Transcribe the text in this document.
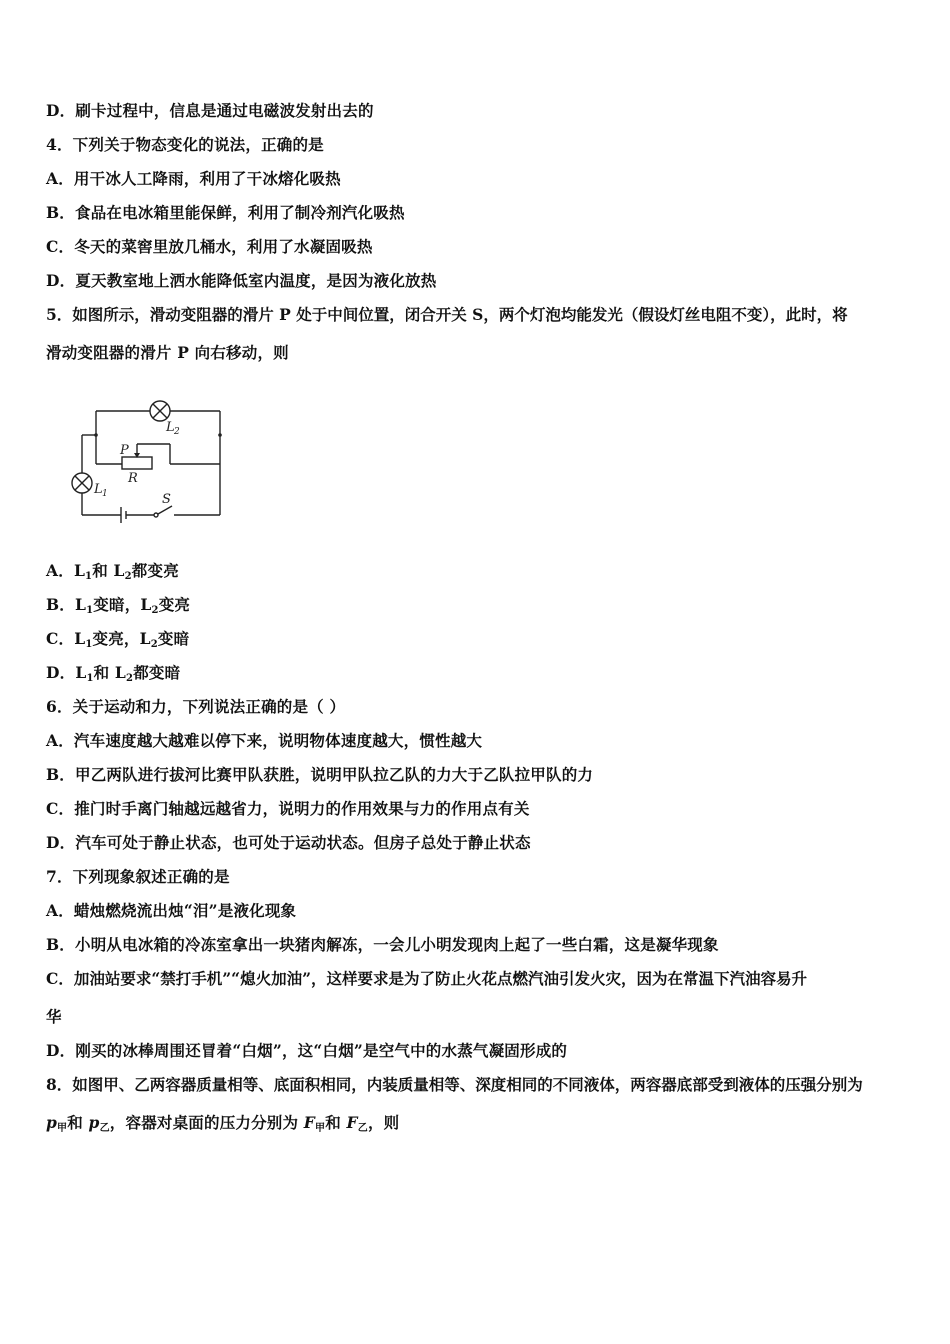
D．刷卡过程中，信息是通过电磁波发射出去的
4．下列关于物态变化的说法，正确的是
A．用干冰人工降雨，利用了干冰熔化吸热
B．食品在电冰箱里能保鲜，利用了制冷剂汽化吸热
C．冬天的菜窖里放几桶水，利用了水凝固吸热
D．夏天教室地上洒水能降低室内温度，是因为液化放热
5．如图所示，滑动变阻器的滑片 P 处于中间位置，闭合开关 S，两个灯泡均能发光（假设灯丝电阻不变），此时，将
滑动变阻器的滑片 P 向右移动，则
L 2
P
R
L 1	S
A．$L_1$和 $L_2$都变亮
B．$L_1$变暗，$L_2$变亮
C．$L_1$变亮，$L_2$变暗
D．$L_1$和 $L_2$都变暗
6．关于运动和力，下列说法正确的是（ ）
A．汽车速度越大越难以停下来，说明物体速度越大，惯性越大
B．甲乙两队进行拔河比赛甲队获胜，说明甲队拉乙队的力大于乙队拉甲队的力
C．推门时手离门轴越远越省力，说明力的作用效果与力的作用点有关
D．汽车可处于静止状态，也可处于运动状态。但房子总处于静止状态
7．下列现象叙述正确的是
A．蜡烛燃烧流出烛“泪”是液化现象
B．小明从电冰箱的冷冻室拿出一块猪肉解冻，一会儿小明发现肉上起了一些白霜，这是凝华现象
C．加油站要求“禁打手机”“熄火加油”，这样要求是为了防止火花点燃汽油引发火灾，因为在常温下汽油容易升
华
D．刚买的冰棒周围还冒着“白烟”，这“白烟”是空气中的水蒸气凝固形成的
8．如图甲、乙两容器质量相等、底面积相同，内装质量相等、深度相同的不同液体，两容器底部受到液体的压强分别为
p甲和 p乙，容器对桌面的压力分别为 F甲和 F乙，则
